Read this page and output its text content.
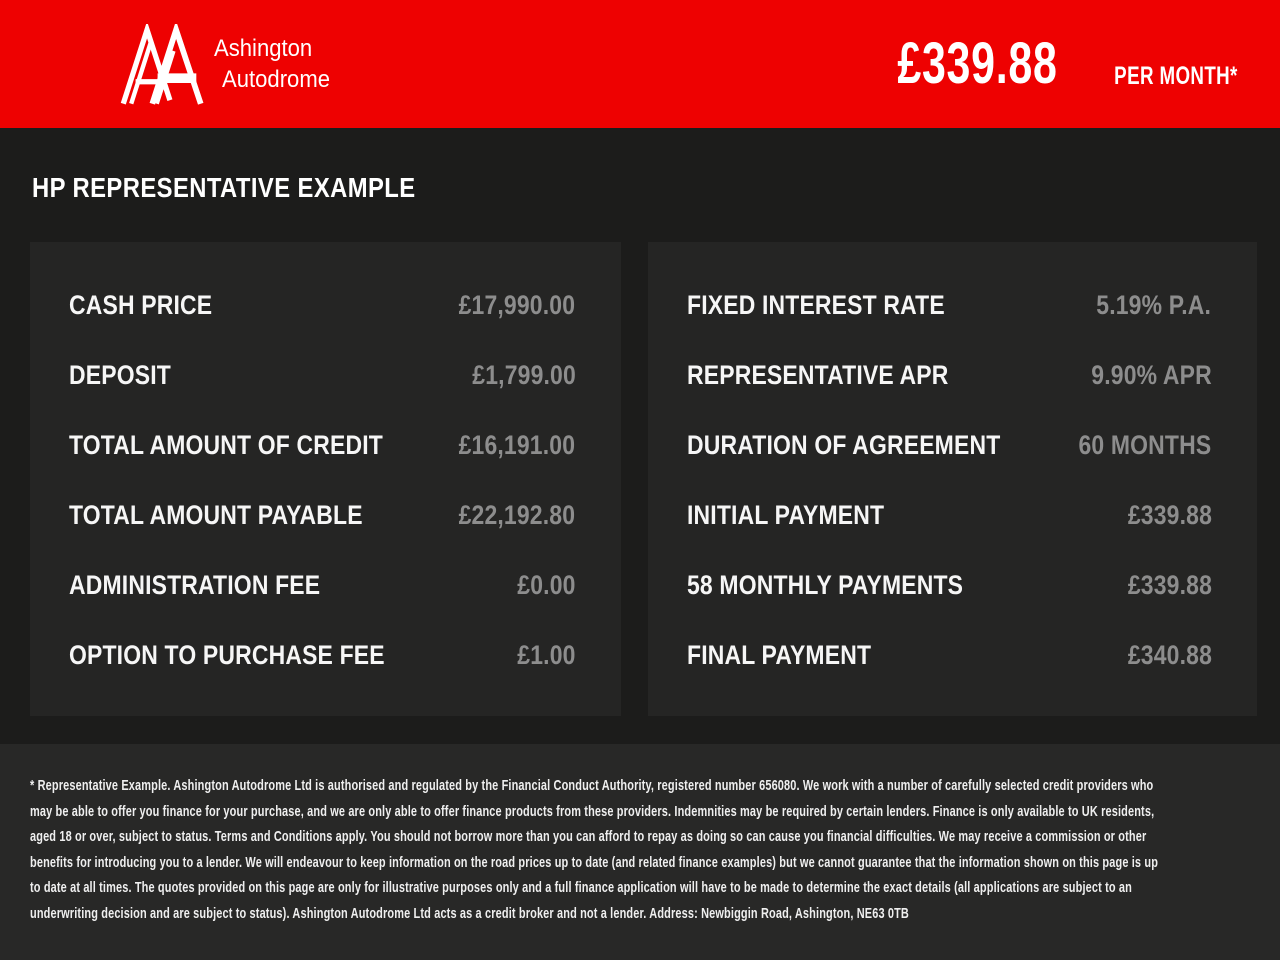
Ashington
Autodrome	£339.88 PER MONTH*
HP REPRESENTATIVE EXAMPLE
CASH PRICE	£17,990.00
DEPOSIT	£1,799.00
TOTAL AMOUNT OF CREDIT	£16,191.00
TOTAL AMOUNT PAYABLE	£22,192.80
ADMINISTRATION FEE	£0.00
OPTION TO PURCHASE FEE	£1.00
FIXED INTEREST RATE	5.19% P.A.
REPRESENTATIVE APR	9.90% APR
DURATION OF AGREEMENT	60 MONTHS
INITIAL PAYMENT	£339.88
58 MONTHLY PAYMENTS	£339.88
FINAL PAYMENT	£340.88

* Representative Example. Ashington Autodrome Ltd is authorised and regulated by the Financial Conduct Authority, registered number 656080. We work with a number of carefully selected credit providers who may be able to offer you finance for your purchase, and we are only able to offer finance products from these providers. Indemnities may be required by certain lenders. Finance is only available to UK residents, aged 18 or over, subject to status. Terms and Conditions apply. You should not borrow more than you can afford to repay as doing so can cause you financial difficulties. We may receive a commission or other benefits for introducing you to a lender. We will endeavour to keep information on the road prices up to date (and related finance examples) but we cannot guarantee that the information shown on this page is up to date at all times. The quotes provided on this page are only for illustrative purposes only and a full finance application will have to be made to determine the exact details (all applications are subject to an underwriting decision and are subject to status). Ashington Autodrome Ltd acts as a credit broker and not a lender. Address: Newbiggin Road, Ashington, NE63 0TB
